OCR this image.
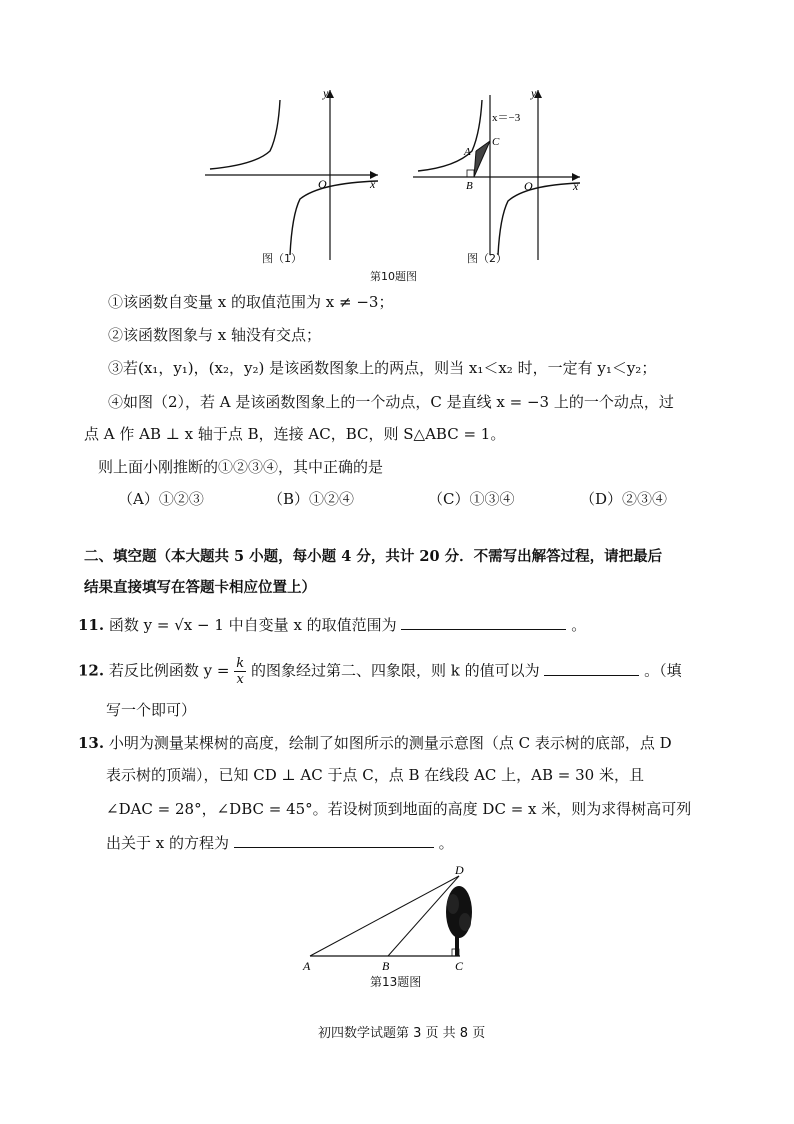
y
x
O
图（1）
y
x
O
x＝−3
A
B
C
图（2）
第10题图
①该函数自变量 x 的取值范围为 x ≠ −3；
②该函数图象与 x 轴没有交点；
③若(x₁，y₁)，(x₂，y₂) 是该函数图象上的两点，则当 x₁＜x₂ 时，一定有 y₁＜y₂；
④如图（2），若 A 是该函数图象上的一个动点，C 是直线 x = −3 上的一个动点，过
点 A 作 AB ⊥ x 轴于点 B，连接 AC，BC，则 S△ABC = 1。
则上面小刚推断的①②③④，其中正确的是
（A）①②③	（B）①②④	（C）①③④	（D）②③④
二、填空题（本大题共 5 小题，每小题 4 分，共计 20 分．不需写出解答过程，请把最后
结果直接填写在答题卡相应位置上）
11. 函数 y = √x − 1 中自变量 x 的取值范围为	。
12. 若反比例函数 $y = \frac{k}{x}$ 的图象经过第二、四象限，则 k 的值可以为	。（填
写一个即可）
13. 小明为测量某棵树的高度，绘制了如图所示的测量示意图（点 C 表示树的底部，点 D
表示树的顶端），已知 CD ⊥ AC 于点 C，点 B 在线段 AC 上，AB = 30 米，且
∠DAC = 28°，∠DBC = 45°。若设树顶到地面的高度 DC = x 米，则为求得树高可列
出关于 x 的方程为	。
D
A	B	C
第13题图
初四数学试题第 3 页 共 8 页
